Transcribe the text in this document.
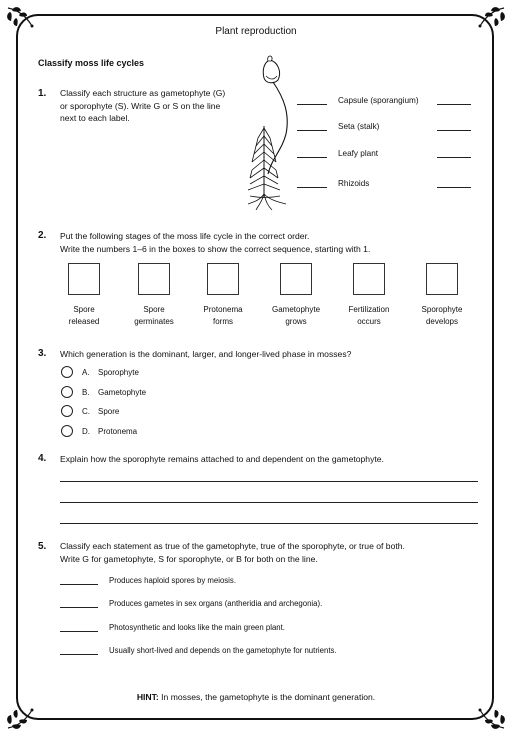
Plant reproduction
Classify moss life cycles
1. Classify each structure as gametophyte (G)
or sporophyte (S). Write G or S on the line
next to each label.
Capsule (sporangium)
Seta (stalk)
Leafy plant
Rhizoids
2. Put the following stages of the moss life cycle in the correct order.
Write the numbers 1–6 in the boxes to show the correct sequence, starting with 1.
Spore
released
Spore
germinates
Protonema
forms
Gametophyte
grows
Fertilization
occurs
Sporophyte
develops
3. Which generation is the dominant, larger, and longer-lived phase in mosses?
A. Sporophyte
B. Gametophyte
C. Spore
D. Protonema
4. Explain how the sporophyte remains attached to and dependent on the gametophyte.
5. Classify each statement as true of the gametophyte, true of the sporophyte, or true of both.
Write G for gametophyte, S for sporophyte, or B for both on the line.
Produces haploid spores by meiosis.
Produces gametes in sex organs (antheridia and archegonia).
Photosynthetic and looks like the main green plant.
Usually short-lived and depends on the gametophyte for nutrients.
HINT: In mosses, the gametophyte is the dominant generation.
